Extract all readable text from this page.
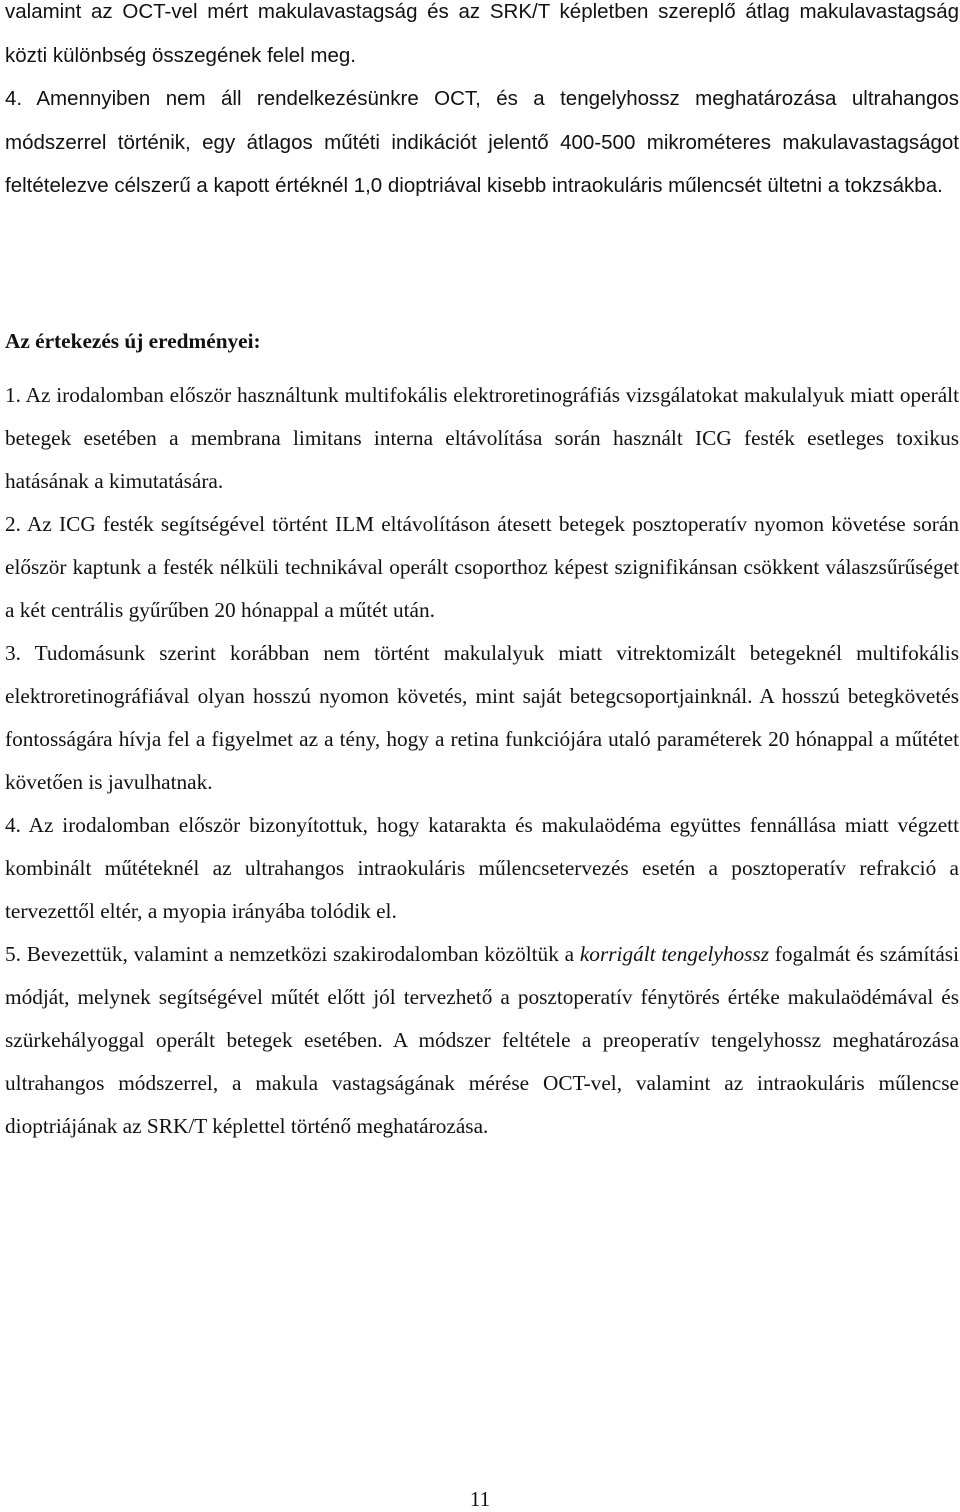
valamint az OCT-vel mért makulavastagság és az SRK/T képletben szereplő átlag makulavastagság közti különbség összegének felel meg.

4. Amennyiben nem áll rendelkezésünkre OCT, és a tengelyhossz meghatározása ultrahangos módszerrel történik, egy átlagos műtéti indikációt jelentő 400-500 mikrométeres makulavastagságot feltételezve célszerű a kapott értéknél 1,0 dioptriával kisebb intraokuláris műlencsét ültetni a tokzsákba.

Az értekezés új eredményei:

1. Az irodalomban először használtunk multifokális elektroretinográfiás vizsgálatokat makulalyuk miatt operált betegek esetében a membrana limitans interna eltávolítása során használt ICG festék esetleges toxikus hatásának a kimutatására.

2. Az ICG festék segítségével történt ILM eltávolításon átesett betegek posztoperatív nyomon követése során először kaptunk a festék nélküli technikával operált csoporthoz képest szignifikánsan csökkent válaszsűrűséget a két centrális gyűrűben 20 hónappal a műtét után.

3. Tudomásunk szerint korábban nem történt makulalyuk miatt vitrektomizált betegeknél multifokális elektroretinográfiával olyan hosszú nyomon követés, mint saját betegcsoportjainknál. A hosszú betegkövetés fontosságára hívja fel a figyelmet az a tény, hogy a retina funkciójára utaló paraméterek 20 hónappal a műtétet követően is javulhatnak.

4. Az irodalomban először bizonyítottuk, hogy katarakta és makulaödéma együttes fennállása miatt végzett kombinált műtéteknél az ultrahangos intraokuláris műlencsetervezés esetén a posztoperatív refrakció a tervezettől eltér, a myopia irányába tolódik el.

5. Bevezettük, valamint a nemzetközi szakirodalomban közöltük a korrigált tengelyhossz fogalmát és számítási módját, melynek segítségével műtét előtt jól tervezhető a posztoperatív fénytörés értéke makulaödémával és szürkehályoggal operált betegek esetében. A módszer feltétele a preoperatív tengelyhossz meghatározása ultrahangos módszerrel, a makula vastagságának mérése OCT-vel, valamint az intraokuláris műlencse dioptriájának az SRK/T képlettel történő meghatározása.

11
